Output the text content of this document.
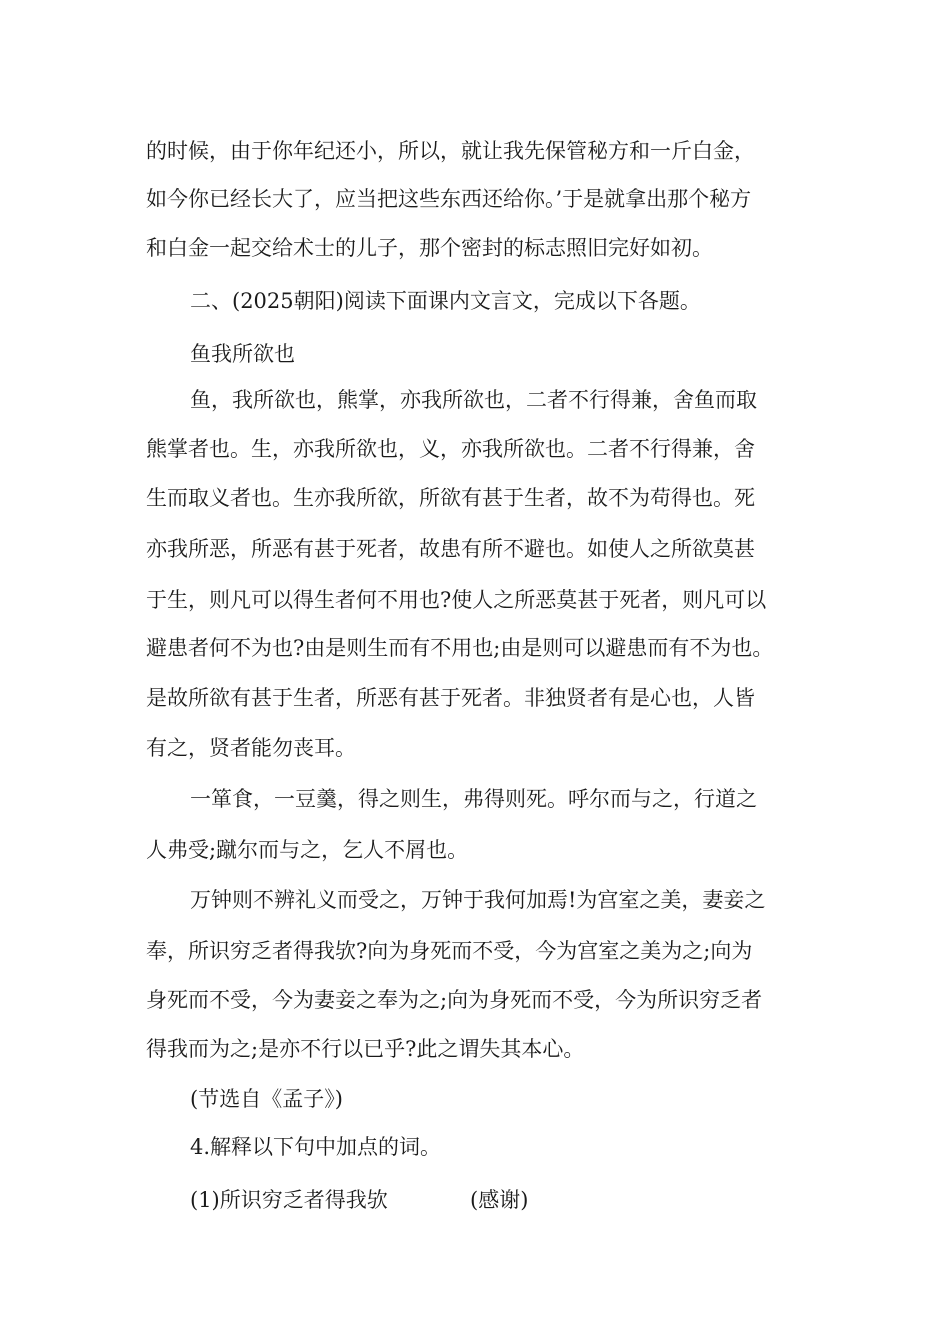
的时候，由于你年纪还小，所以，就让我先保管秘方和一斤白金，
如今你已经长大了，应当把这些东西还给你。’于是就拿出那个秘方
和白金一起交给术士的儿子，那个密封的标志照旧完好如初。
二、(2025朝阳)阅读下面课内文言文，完成以下各题。
鱼我所欲也
鱼，我所欲也，熊掌，亦我所欲也，二者不行得兼，舍鱼而取
熊掌者也。生，亦我所欲也，义，亦我所欲也。二者不行得兼，舍
生而取义者也。生亦我所欲，所欲有甚于生者，故不为苟得也。死
亦我所恶，所恶有甚于死者，故患有所不避也。如使人之所欲莫甚
于生，则凡可以得生者何不用也?使人之所恶莫甚于死者，则凡可以
避患者何不为也?由是则生而有不用也;由是则可以避患而有不为也。
是故所欲有甚于生者，所恶有甚于死者。非独贤者有是心也，人皆
有之，贤者能勿丧耳。
一箪食，一豆羹，得之则生，弗得则死。呼尔而与之，行道之
人弗受;蹴尔而与之，乞人不屑也。
万钟则不辨礼义而受之，万钟于我何加焉!为宫室之美，妻妾之
奉，所识穷乏者得我欤?向为身死而不受，今为宫室之美为之;向为
身死而不受，今为妻妾之奉为之;向为身死而不受，今为所识穷乏者
得我而为之;是亦不行以已乎?此之谓失其本心。
(节选自《孟子》)
4.解释以下句中加点的词。
(1)所识穷乏者得我欤	(感谢)
